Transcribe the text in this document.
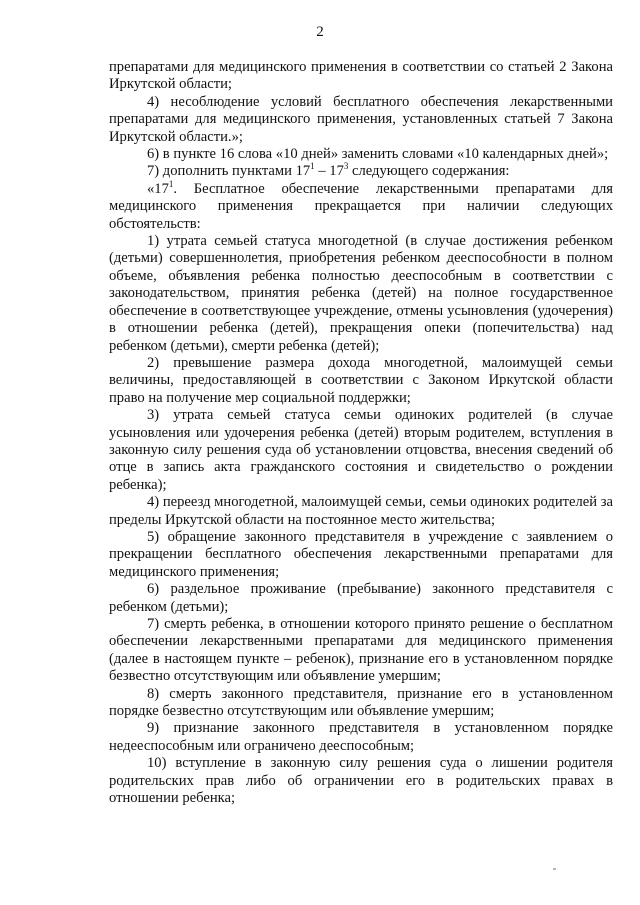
2

препаратами для медицинского применения в соответствии со статьей 2 Закона Иркутской области;

4) несоблюдение условий бесплатного обеспечения лекарственными препаратами для медицинского применения, установленных статьей 7 Закона Иркутской области.»;

6) в пункте 16 слова «10 дней» заменить словами «10 календарных дней»;

7) дополнить пунктами $17^1 - 17^3$ следующего содержания:

«$17^1$. Бесплатное обеспечение лекарственными препаратами для медицинского применения прекращается при наличии следующих обстоятельств:

1) утрата семьей статуса многодетной (в случае достижения ребенком (детьми) совершеннолетия, приобретения ребенком дееспособности в полном объеме, объявления ребенка полностью дееспособным в соответствии с законодательством, принятия ребенка (детей) на полное государственное обеспечение в соответствующее учреждение, отмены усыновления (удочерения) в отношении ребенка (детей), прекращения опеки (попечительства) над ребенком (детьми), смерти ребенка (детей);

2) превышение размера дохода многодетной, малоимущей семьи величины, предоставляющей в соответствии с Законом Иркутской области право на получение мер социальной поддержки;

3) утрата семьей статуса семьи одиноких родителей (в случае усыновления или удочерения ребенка (детей) вторым родителем, вступления в законную силу решения суда об установлении отцовства, внесения сведений об отце в запись акта гражданского состояния и свидетельство о рождении ребенка);

4) переезд многодетной, малоимущей семьи, семьи одиноких родителей за пределы Иркутской области на постоянное место жительства;

5) обращение законного представителя в учреждение с заявлением о прекращении бесплатного обеспечения лекарственными препаратами для медицинского применения;

6) раздельное проживание (пребывание) законного представителя с ребенком (детьми);

7) смерть ребенка, в отношении которого принято решение о бесплатном обеспечении лекарственными препаратами для медицинского применения (далее в настоящем пункте – ребенок), признание его в установленном порядке безвестно отсутствующим или объявление умершим;

8) смерть законного представителя, признание его в установленном порядке безвестно отсутствующим или объявление умершим;

9) признание законного представителя в установленном порядке недееспособным или ограничено дееспособным;

10) вступление в законную силу решения суда о лишении родителя родительских прав либо об ограничении его в родительских правах в отношении ребенка;
